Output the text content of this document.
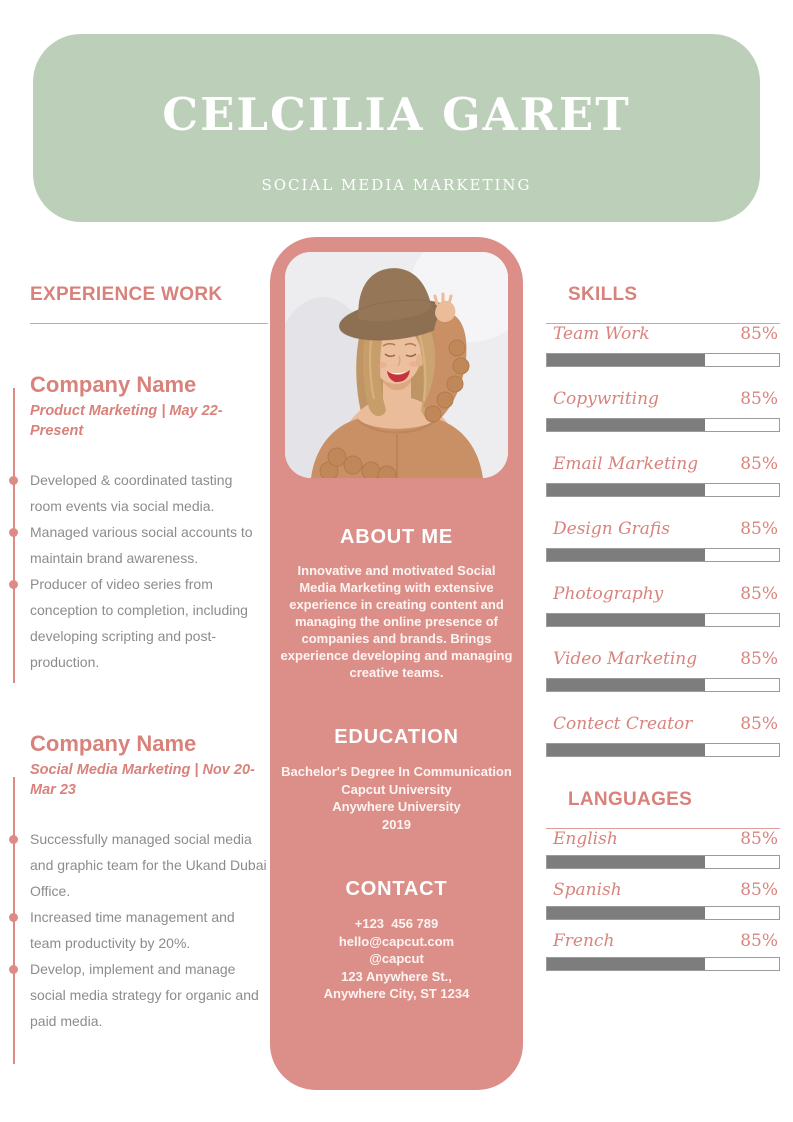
CELCILIA GARET
SOCIAL MEDIA MARKETING
EXPERIENCE WORK
Company Name
Product Marketing | May 22-Present
Developed & coordinated tasting room events via social media.
Managed various social accounts to maintain brand awareness.
Producer of video series from conception to completion, including developing scripting and post-production.
Company Name
Social Media Marketing | Nov 20-Mar 23
Successfully managed social media and graphic team for the Ukand Dubai Office.
Increased time management and team productivity by 20%.
Develop, implement and manage social media strategy for organic and paid media.
ABOUT ME

Innovative and motivated Social Media Marketing with extensive experience in creating content and managing the online presence of companies and brands. Brings experience developing and managing creative teams.

EDUCATION
Bachelor's Degree In Communication
Capcut University
Anywhere University
2019
CONTACT
+123  456 789
hello@capcut.com
@capcut
123 Anywhere St.,
Anywhere City, ST 1234
SKILLS
Team Work	85%
Copywriting	85%
Email Marketing 85%
Design Grafis	85%
Photography	85%
Video Marketing	85%
Contect Creator	85%
LANGUAGES
English	85%
Spanish	85%
French	85%
